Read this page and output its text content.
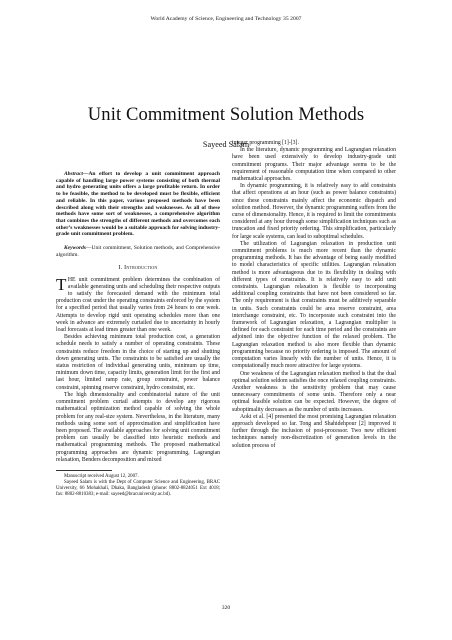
World Academy of Science, Engineering and Technology 35 2007
Unit Commitment Solution Methods
Sayeed Salam

Abstract—An effort to develop a unit commitment approach capable of handling large power systems consisting of both thermal and hydro generating units offers a large profitable return. In order to be feasible, the method to be developed must be flexible, efficient and reliable. In this paper, various proposed methods have been described along with their strengths and weaknesses. As all of these methods have some sort of weaknesses, a comprehensive algorithm that combines the strengths of different methods and overcomes each other’s weaknesses would be a suitable approach for solving industry-grade unit commitment problem.

Keywords—Unit commitment, Solution methods, and Comprehensive algorithm.

I. Introduction
T HE unit commitment problem determines the combination of available generating units and scheduling their respective outputs to satisfy the forecasted demand with the minimum total production cost under the operating constraints enforced by the system for a specified period that usually varies from 24 hours to one week. Attempts to develop rigid unit operating schedules more than one week in advance are extremely curtailed due to uncertainty in hourly load forecasts at lead times greater than one week.

Besides achieving minimum total production cost, a generation schedule needs to satisfy a number of operating constraints. These constraints reduce freedom in the choice of starting up and shutting down generating units. The constraints to be satisfied are usually the status restriction of individual generating units, minimum up time, minimum down time, capacity limits, generation limit for the first and last hour, limited ramp rate, group constraint, power balance constraint, spinning reserve constraint, hydro constraint, etc.

The high dimensionality and combinatorial nature of the unit commitment problem curtail attempts to develop any rigorous mathematical optimization method capable of solving the whole problem for any real-size system. Nevertheless, in the literature, many methods using some sort of approximation and simplification have been proposed. The available approaches for solving unit commitment problem can usually be classified into heuristic methods and mathematical programming methods. The proposed mathematical programming approaches are dynamic programming, Lagrangian relaxation, Benders decomposition and mixed

Manuscript received August 12, 2007.

Sayeed Salam is with the Dept of Computer Science and Engineering, BRAC University, 66 Mohakhali, Dhaka, Bangladesh (phone: 8802-8824051 Ext 4018; fax: 8802-8810383; e-mail: sayeed@bracuniversity.ac.bd).

integer programming [1]-[3].

In the literature, dynamic programming and Lagrangian relaxation have been used extensively to develop industry-grade unit commitment programs. Their major advantage seems to be the requirement of reasonable computation time when compared to other mathematical approaches.

In dynamic programming, it is relatively easy to add constraints that affect operations at an hour (such as power balance constraints) since these constraints mainly affect the economic dispatch and solution method. However, the dynamic programming suffers from the curse of dimensionality. Hence, it is required to limit the commitments considered at any hour through some simplification techniques such as truncation and fixed priority ordering. This simplification, particularly for large scale systems, can lead to suboptimal schedules.

The utilization of Lagrangian relaxation in production unit commitment problems is much more recent than the dynamic programming methods. It has the advantage of being easily modified to model characteristics of specific utilities. Lagrangian relaxation method is more advantageous due to its flexibility in dealing with different types of constraints. It is relatively easy to add unit constraints. Lagrangian relaxation is flexible to incorporating additional coupling constraints that have not been considered so far. The only requirement is that constraints must be additively separable in units. Such constraints could be area reserve constraint, area interchange constraint, etc. To incorporate such constraint into the framework of Lagrangian relaxation, a Lagrangian multiplier is defined for each constraint for each time period and the constraints are adjoined into the objective function of the relaxed problem. The Lagrangian relaxation method is also more flexible than dynamic programming because no priority ordering is imposed. The amount of computation varies linearly with the number of units. Hence, it is computationally much more attractive for large systems.

One weakness of the Lagrangian relaxation method is that the dual optimal solution seldom satisfies the once relaxed coupling constraints. Another weakness is the sensitivity problem that may cause unnecessary commitments of some units. Therefore only a near optimal feasible solution can be expected. However, the degree of suboptimality decreases as the number of units increases.

Aoki et al. [4] presented the most promising Lagrangian relaxation approach developed so far. Tong and Shahidehpour [2] improved it further through the inclusion of post-processor. Two new efficient techniques namely non-discretization of generation levels in the solution process of

320
